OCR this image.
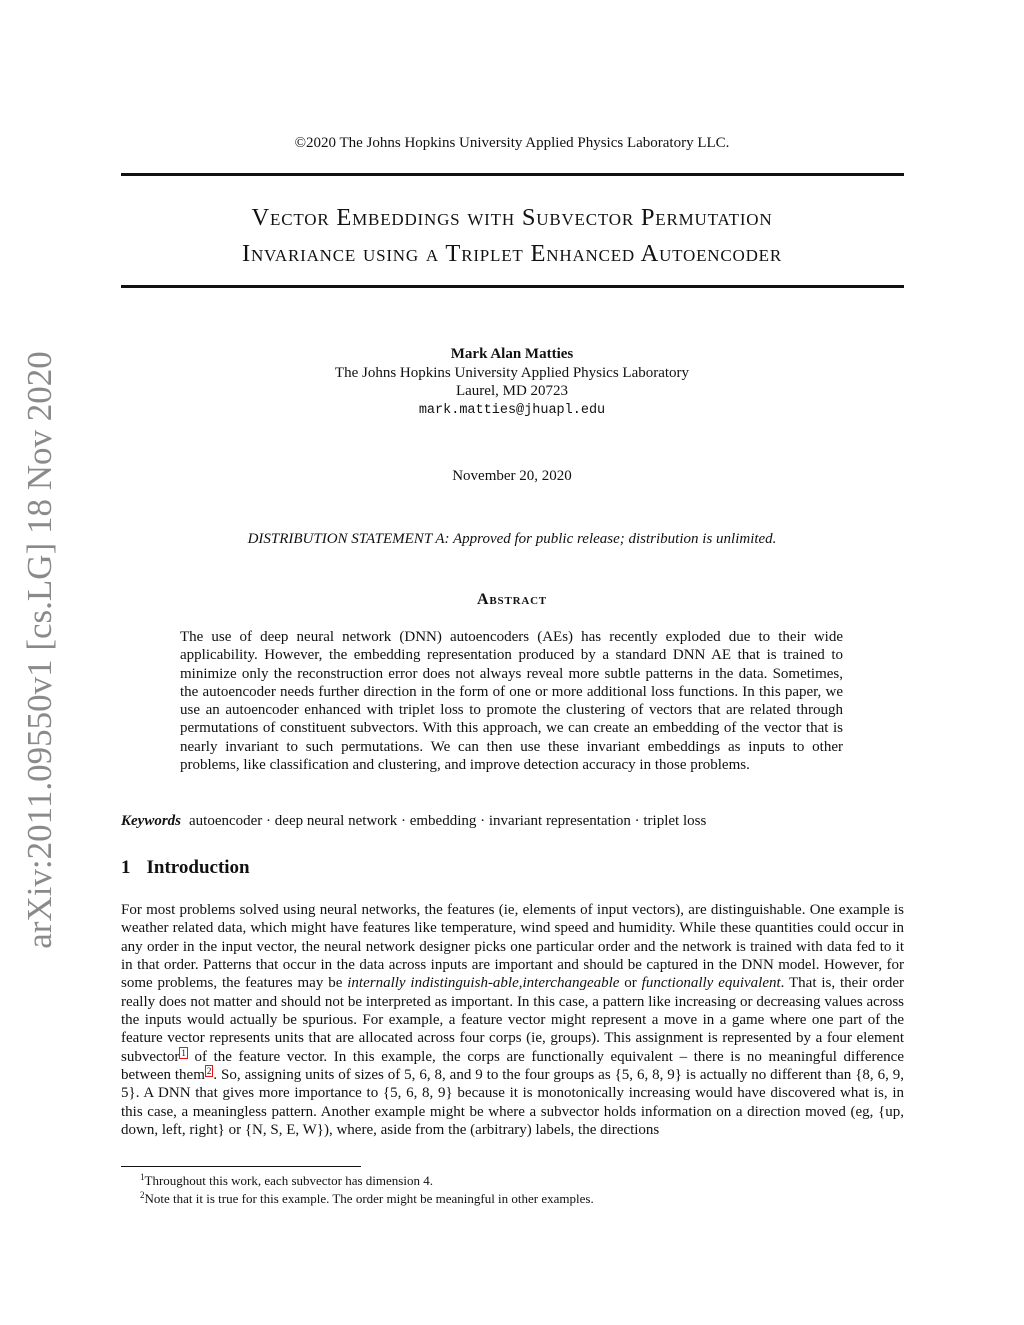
arXiv:2011.09550v1 [cs.LG] 18 Nov 2020
©2020 The Johns Hopkins University Applied Physics Laboratory LLC.
Vector Embeddings with Subvector Permutation
Invariance using a Triplet Enhanced Autoencoder
Mark Alan Matties
The Johns Hopkins University Applied Physics Laboratory
Laurel, MD 20723
mark.matties@jhuapl.edu
November 20, 2020
DISTRIBUTION STATEMENT A: Approved for public release; distribution is unlimited.
Abstract

The use of deep neural network (DNN) autoencoders (AEs) has recently exploded due to their wide applicability. However, the embedding representation produced by a standard DNN AE that is trained to minimize only the reconstruction error does not always reveal more subtle patterns in the data. Sometimes, the autoencoder needs further direction in the form of one or more additional loss functions. In this paper, we use an autoencoder enhanced with triplet loss to promote the clustering of vectors that are related through permutations of constituent subvectors. With this approach, we can create an embedding of the vector that is nearly invariant to such permutations. We can then use these invariant embeddings as inputs to other problems, like classification and clustering, and improve detection accuracy in those problems.

Keywords autoencoder · deep neural network · embedding · invariant representation · triplet loss
1 Introduction

For most problems solved using neural networks, the features (ie, elements of input vectors), are distinguishable. One example is weather related data, which might have features like temperature, wind speed and humidity. While these quantities could occur in any order in the input vector, the neural network designer picks one particular order and the network is trained with data fed to it in that order. Patterns that occur in the data across inputs are important and should be captured in the DNN model. However, for some problems, the features may be internally indistinguish-able,interchangeable or functionally equivalent. That is, their order really does not matter and should not be interpreted as important. In this case, a pattern like increasing or decreasing values across the inputs would actually be spurious. For example, a feature vector might represent a move in a game where one part of the feature vector represents units that are allocated across four corps (ie, groups). This assignment is represented by a four element subvector $^1$ of the feature vector. In this example, the corps are functionally equivalent – there is no meaningful difference between them $^2$ . So, assigning units of sizes of 5, 6, 8, and 9 to the four groups as {5, 6, 8, 9} is actually no different than {8, 6, 9, 5}. A DNN that gives more importance to {5, 6, 8, 9} because it is monotonically increasing would have discovered what is, in this case, a meaningless pattern. Another example might be where a subvector holds information on a direction moved (eg, {up, down, left, right} or {N, S, E, W}), where, aside from the (arbitrary) labels, the directions

$^1$Throughout this work, each subvector has dimension 4.
$^2$Note that it is true for this example. The order might be meaningful in other examples.
